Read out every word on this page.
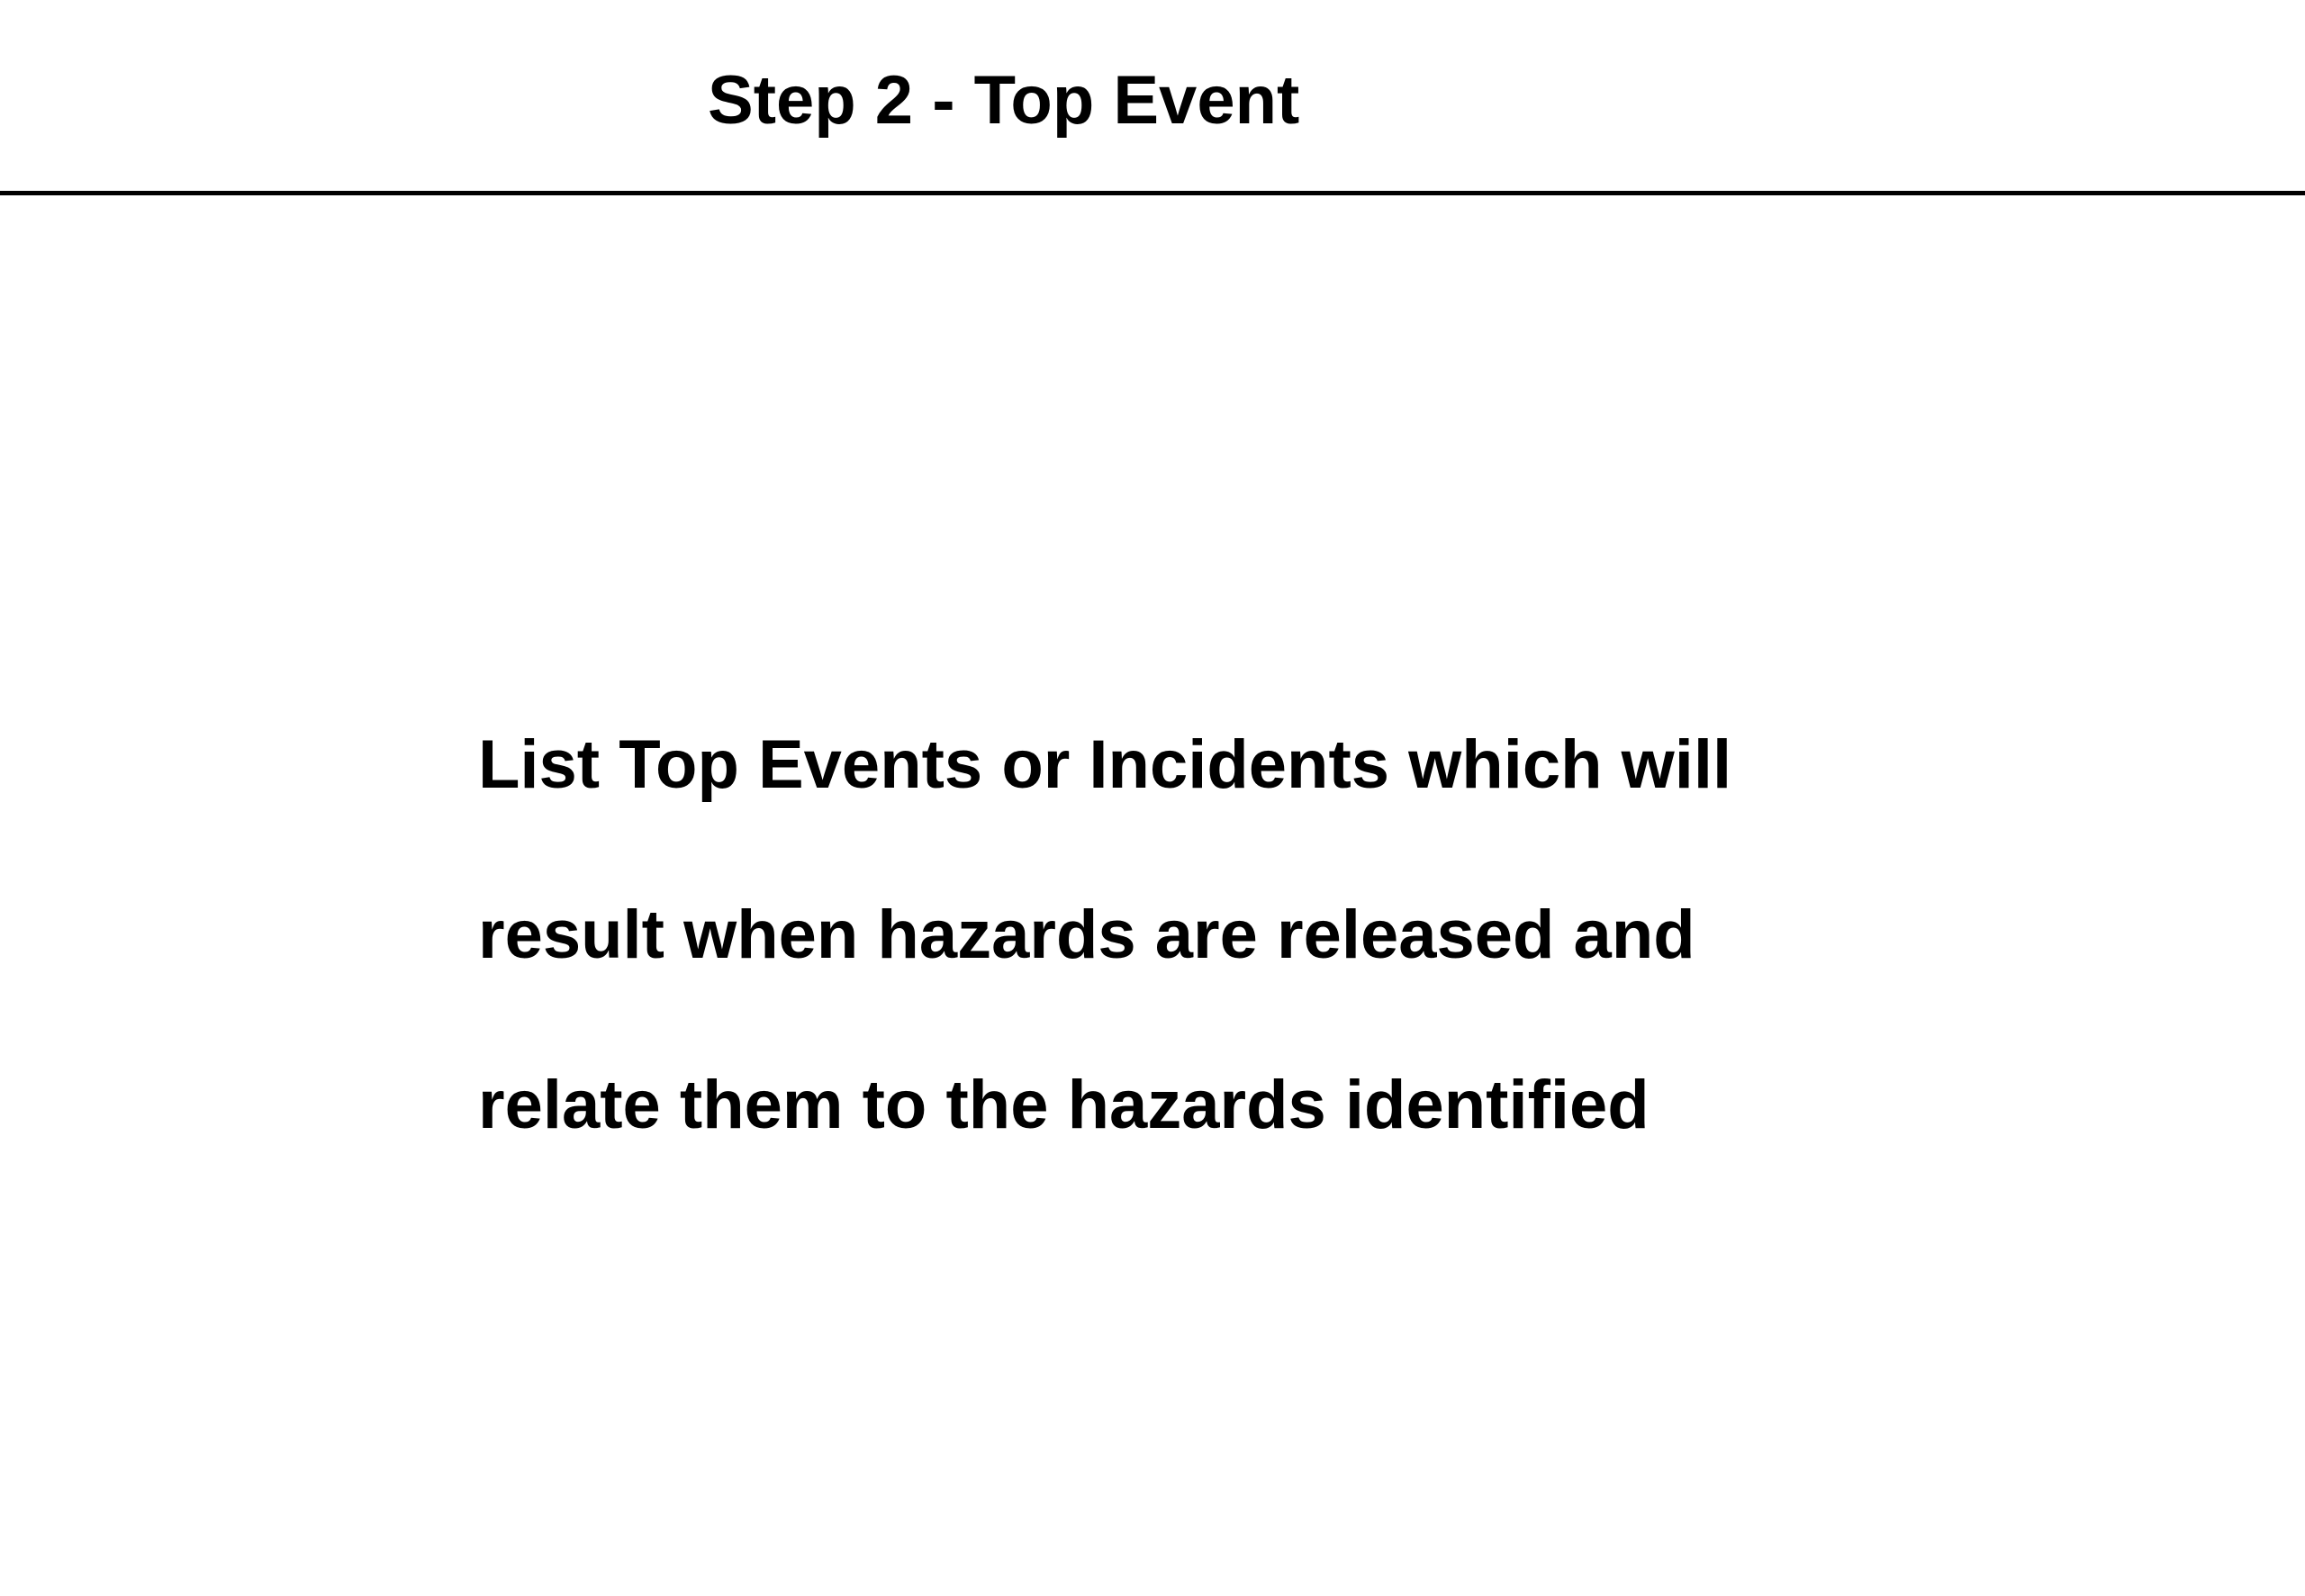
Step 2 - Top Event
List Top Events or Incidents which will
result when hazards are released and
relate them to the hazards identified
